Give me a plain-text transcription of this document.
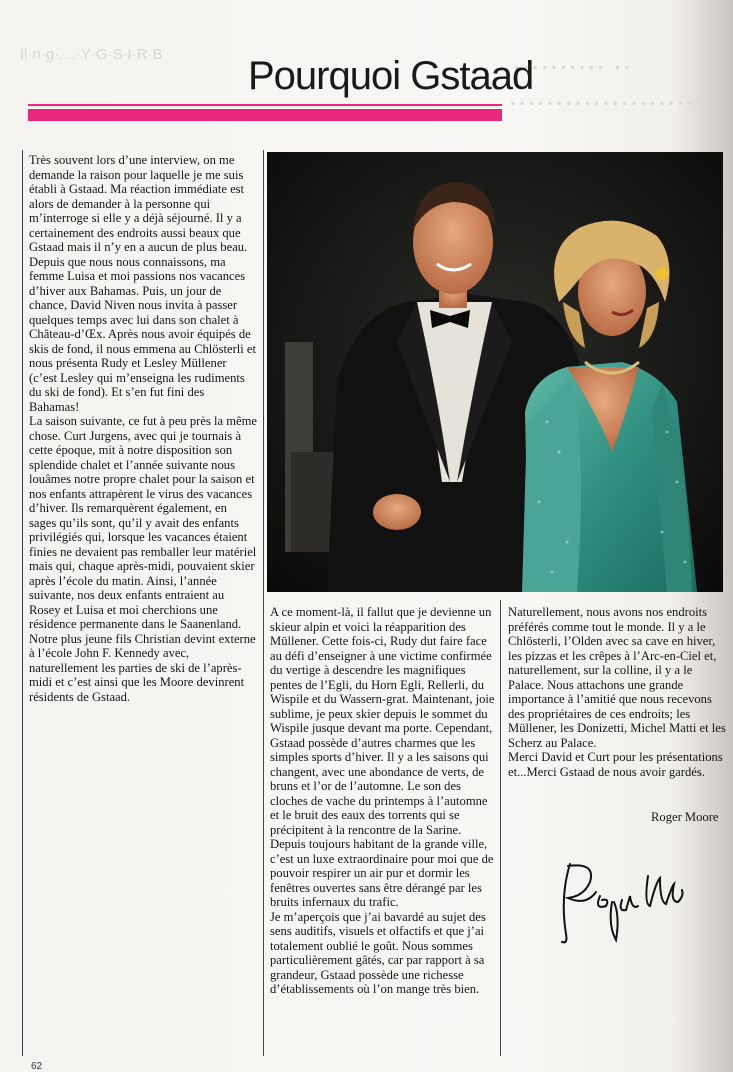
Il·n·g·....·Y·G·S·I·R·B	·········· ··
·······················
Pourquoi Gstaad

Très souvent lors d’une interview, on me demande la raison pour laquelle je me suis établi à Gstaad. Ma réaction immédiate est alors de demander à la personne qui m’interroge si elle y a déjà séjourné. Il y a certainement des endroits aussi beaux que Gstaad mais il n’y en a aucun de plus beau.

Depuis que nous nous connaissons, ma femme Luisa et moi passions nos vacances d’hiver aux Bahamas. Puis, un jour de chance, David Niven nous invita à passer quelques temps avec lui dans son chalet à Château-d’Œx. Après nous avoir équipés de skis de fond, il nous emmena au Chlösterli et nous présenta Rudy et Lesley Müllener (c’est Lesley qui m’enseigna les rudiments du ski de fond). Et s’en fut fini des Bahamas!

La saison suivante, ce fut à peu près la même chose. Curt Jurgens, avec qui je tournais à cette époque, mit à notre disposition son splendide chalet et l’année suivante nous louâmes notre propre chalet pour la saison et nos enfants attrapèrent le virus des vacances d’hiver. Ils remarquèrent également, en sages qu’ils sont, qu’il y avait des enfants privilégiés qui, lorsque les vacances étaient finies ne devaient pas remballer leur matériel mais qui, chaque après-midi, pouvaient skier après l’école du matin. Ainsi, l’année suivante, nos deux enfants entraient au Rosey et Luisa et moi cherchions une résidence permanente dans le Saanenland. Notre plus jeune fils Christian devint externe à l’école John F. Kennedy avec, naturellement les parties de ski de l’après-midi et c’est ainsi que les Moore devinrent résidents de Gstaad.

A ce moment-là, il fallut que je devienne un skieur alpin et voici la réapparition des Müllener. Cette fois-ci, Rudy dut faire face au défi d’enseigner à une victime confirmée du vertige à descendre les magnifiques pentes de l’Egli, du Horn Egli, Rellerli, du Wispile et du Wassern-grat. Maintenant, joie sublime, je peux skier depuis le sommet du Wispile jusque devant ma porte. Cependant, Gstaad possède d’autres charmes que les simples sports d’hiver. Il y a les saisons qui changent, avec une abondance de verts, de bruns et l’or de l’automne. Le son des cloches de vache du printemps à l’automne et le bruit des eaux des torrents qui se précipitent à la rencontre de la Sarine.

Depuis toujours habitant de la grande ville, c’est un luxe extraordinaire pour moi que de pouvoir respirer un air pur et dormir les fenêtres ouvertes sans être dérangé par les bruits infernaux du trafic.

Je m’aperçois que j’ai bavardé au sujet des sens auditifs, visuels et olfactifs et que j’ai totalement oublié le goût. Nous sommes particulièrement gâtés, car par rapport à sa grandeur, Gstaad possède une richesse d’établissements où l’on mange très bien.

Naturellement, nous avons nos endroits préférés comme tout le monde. Il y a le Chlösterli, l’Olden avec sa cave en hiver, les pizzas et les crêpes à l’Arc-en-Ciel et, naturellement, sur la colline, il y a le Palace. Nous attachons une grande importance à l’amitié que nous recevons des propriétaires de ces endroits; les Müllener, les Donizetti, Michel Matti et les Scherz au Palace.

Merci David et Curt pour les présentations et...Merci Gstaad de nous avoir gardés.

Roger Moore
62
